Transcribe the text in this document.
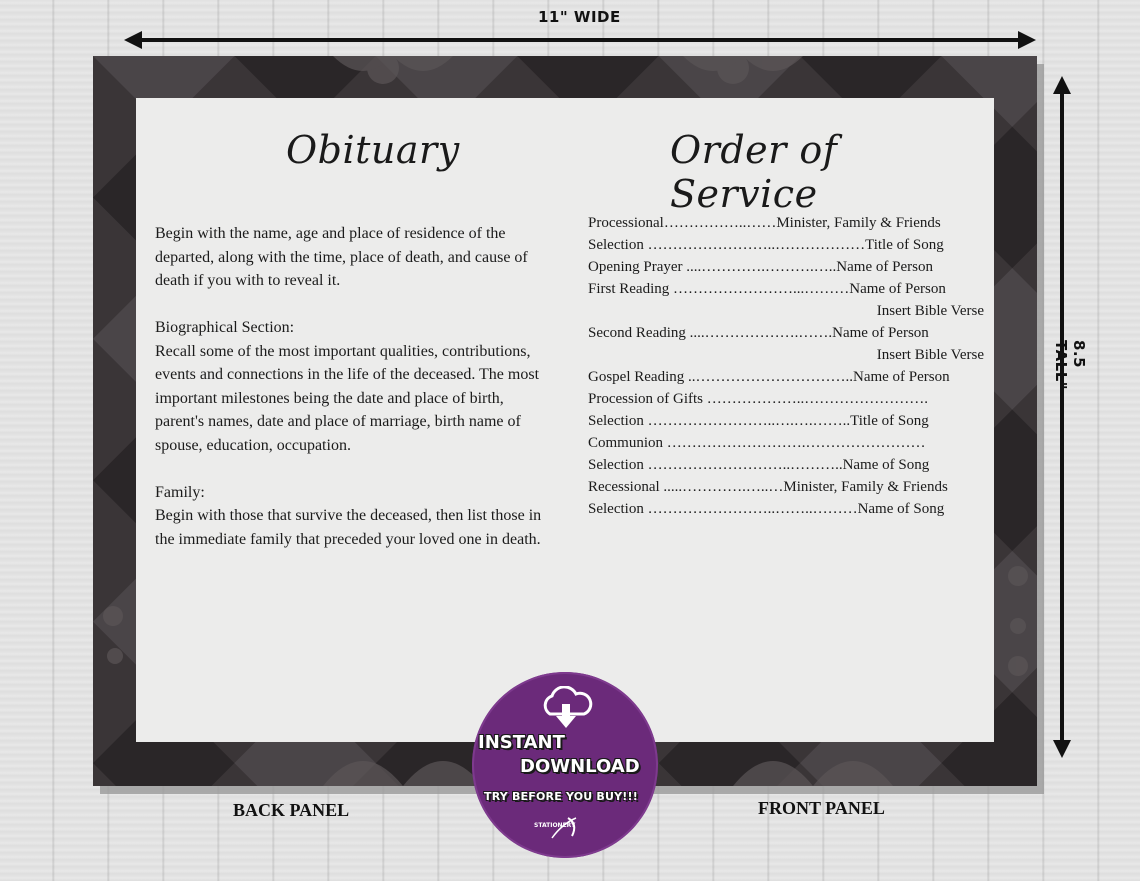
11" WIDE
8.5 TALL"
Obituary	Order of Service

Begin with the name, age and place of residence of the departed, along with the time, place of death, and cause of death if you with to reveal it.

Biographical Section:
Recall some of the most important qualities, contributions, events and connections in the life of the deceased. The most important milestones being the date and place of birth, parent's names, date and place of marriage, birth name of spouse, education, occupation.

Family:
Begin with those that survive the deceased, then list those in the immediate family that preceded your loved one in death.

Processional……………..……Minister, Family & Friends
Selection ……………………..………………Title of Song
Opening Prayer ....………….……….…..Name of Person
First Reading ……………………...………Name of Person
Insert Bible Verse
Second Reading ....……………….…….Name of Person
Insert Bible Verse
Gospel Reading ..…………………………..Name of Person
Procession of Gifts ………………..…………………….
Selection ……………………..….….……..Title of Song
Communion ……………………….……………………
Selection ………………………..………..Name of Song
Recessional .....………….…..…Minister, Family & Friends
Selection ……………………..……..………Name of Song
BACK PANEL	FRONT PANEL
INSTANT
DOWNLOAD
TRY BEFORE YOU BUY!!!
STATIONERY
